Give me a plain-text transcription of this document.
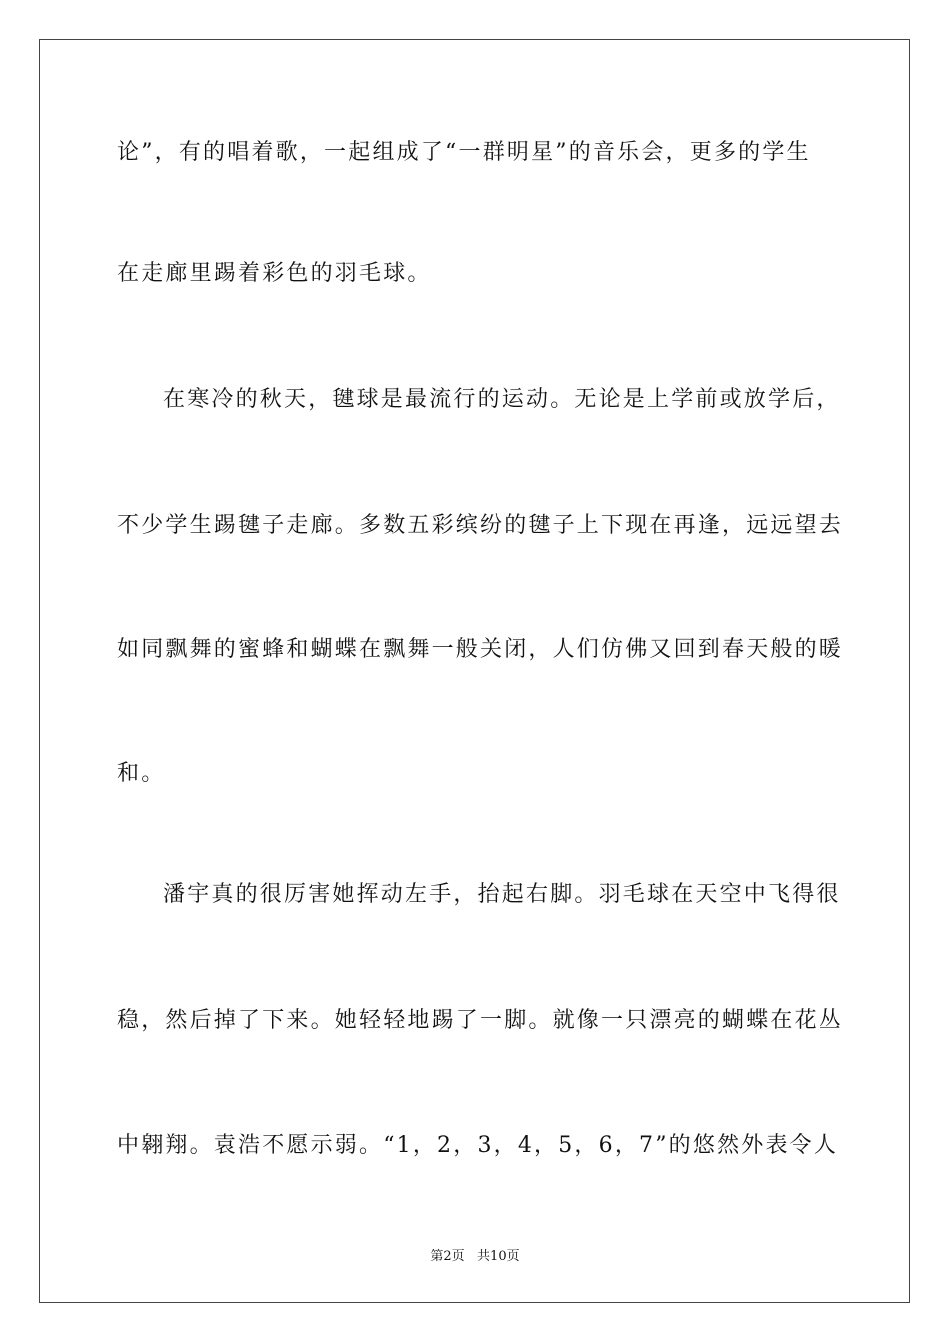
论”，有的唱着歌，一起组成了“一群明星”的音乐会，更多的学生
在走廊里踢着彩色的羽毛球。
在寒冷的秋天，毽球是最流行的运动。无论是上学前或放学后，
不少学生踢毽子走廊。多数五彩缤纷的毽子上下现在再逢，远远望去
如同飘舞的蜜蜂和蝴蝶在飘舞一般关闭，人们仿佛又回到春天般的暖
和。
潘宇真的很厉害她挥动左手，抬起右脚。羽毛球在天空中飞得很
稳，然后掉了下来。她轻轻地踢了一脚。就像一只漂亮的蝴蝶在花丛
中翱翔。袁浩不愿示弱。“1，2，3，4，5，6，7”的悠然外表令人
第2页   共10页
